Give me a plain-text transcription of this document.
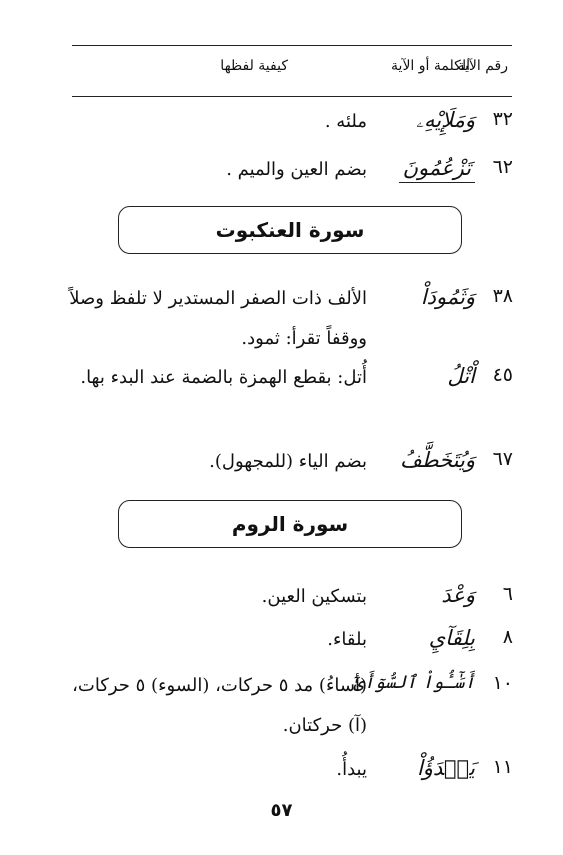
رقم الآية
الكلمة أو الآية
كيفية لفظها
٣٢
وَمَلَإِيْهِۦ
ملئه .
٦٢
تَزْعُمُونَ
بضم العين والميم .
سورة العنكبوت
٣٨
وَثَمُودَاْ
الألف ذات الصفر المستدير لا تلفظ وصلاً ووقفاً تقرأ: ثمود.
٤٥
اْتْلُ
أُتل: بقطع الهمزة بالضمة عند البدء بها.
٦٧
وَيُتَخَطَّفُ
بضم الياء (للمجهول).
سورة الروم
٦
وَعْدَ
بتسكين العين.
٨
بِلِقَآيِ
بلقاء.
١٠
أَسَٰٓـُٔواْ ٱلسُّوٓأَىٰٓ
(أساءُ) مد ٥ حركات، (السوء) ٥ حركات، (آ) حركتان.
١١
يَبۡدَؤُاْ
يبدأُ.
٥٧
